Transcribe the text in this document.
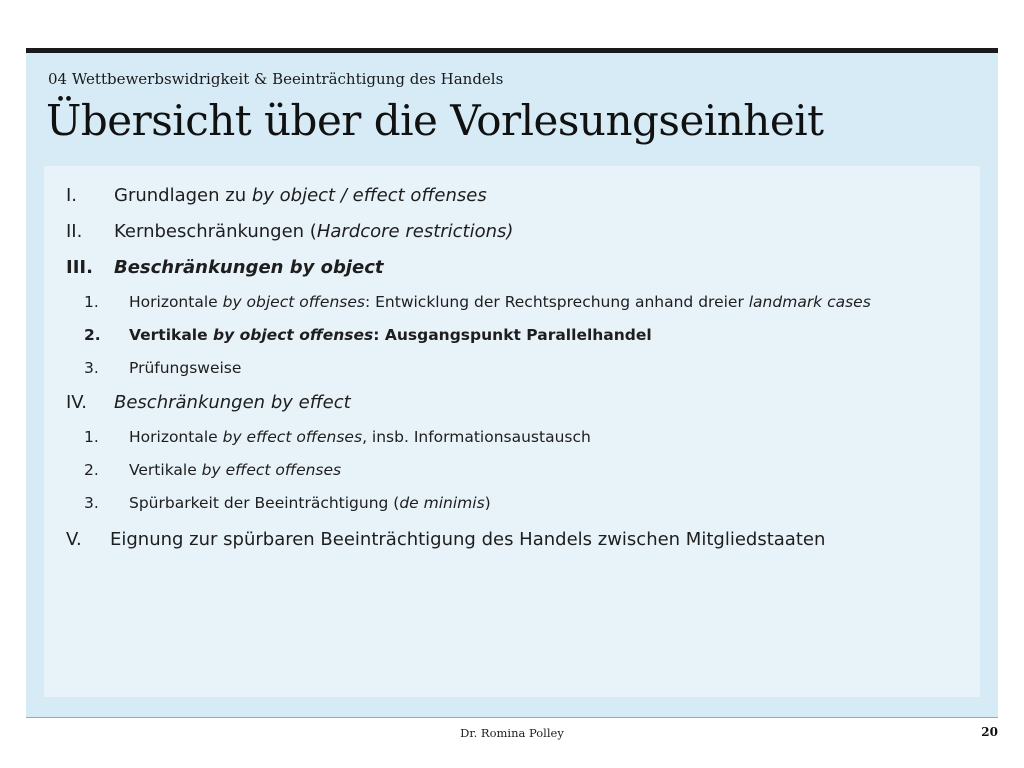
04 Wettbewerbswidrigkeit & Beeinträchtigung des Handels
Übersicht über die Vorlesungseinheit
I. Grundlagen zu by object / effect offenses
II. Kernbeschränkungen (Hardcore restrictions)
III. Beschränkungen by object
1. Horizontale by object offenses: Entwicklung der Rechtsprechung anhand dreier landmark cases
2. Vertikale by object offenses: Ausgangspunkt Parallelhandel
3. Prüfungsweise
IV. Beschränkungen by effect
1. Horizontale by effect offenses, insb. Informationsaustausch
2. Vertikale by effect offenses
3. Spürbarkeit der Beeinträchtigung (de minimis)
V. Eignung zur spürbaren Beeinträchtigung des Handels zwischen Mitgliedstaaten
Dr. Romina Polley	20
